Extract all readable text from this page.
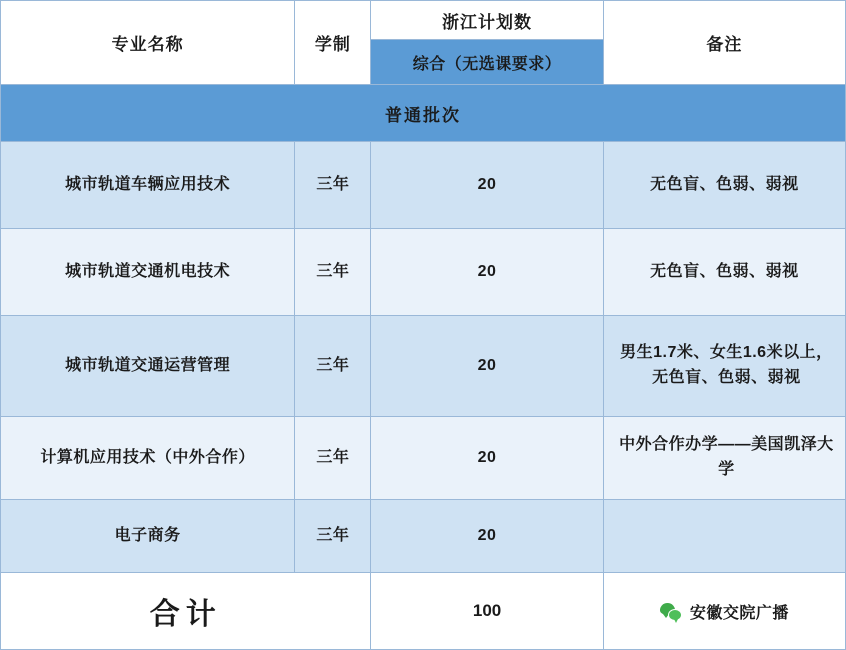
专业名称	学制	浙江计划数	备注
		综合（无选课要求）	
普通批次			
城市轨道车辆应用技术	三年	20	无色盲、色弱、弱视
城市轨道交通机电技术	三年	20	无色盲、色弱、弱视
城市轨道交通运营管理	三年	20	男生1.7米、女生1.6米以上，无色盲、色弱、弱视
计算机应用技术（中外合作）	三年	20	中外合作办学——美国凯泽大学
电子商务	三年	20	
合计		100	安徽交院广播
